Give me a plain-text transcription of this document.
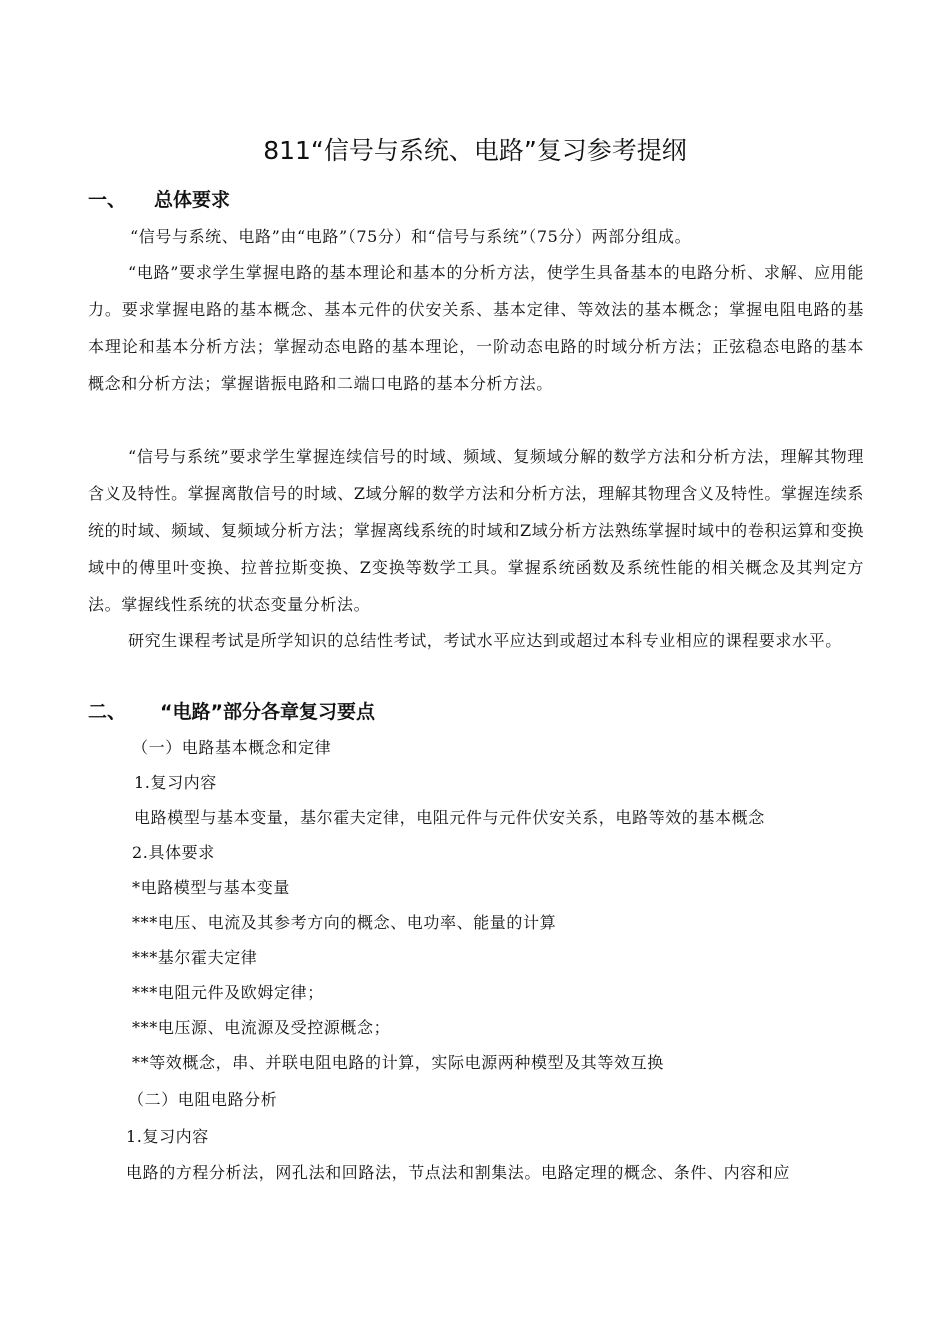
811“信号与系统、电路”复习参考提纲
一、 总体要求
“信号与系统、电路”由“电路”（75分）和“信号与系统”（75分）两部分组成。
“电路”要求学生掌握电路的基本理论和基本的分析方法，使学生具备基本的电路分析、求解、应用能力。要求掌握电路的基本概念、基本元件的伏安关系、基本定律、等效法的基本概念；掌握电阻电路的基本理论和基本分析方法；掌握动态电路的基本理论，一阶动态电路的时域分析方法；正弦稳态电路的基本概念和分析方法；掌握谐振电路和二端口电路的基本分析方法。
“信号与系统”要求学生掌握连续信号的时域、频域、复频域分解的数学方法和分析方法，理解其物理含义及特性。掌握离散信号的时域、Z域分解的数学方法和分析方法，理解其物理含义及特性。掌握连续系统的时域、频域、复频域分析方法；掌握离线系统的时域和Z域分析方法熟练掌握时域中的卷积运算和变换域中的傅里叶变换、拉普拉斯变换、Z变换等数学工具。掌握系统函数及系统性能的相关概念及其判定方法。掌握线性系统的状态变量分析法。
研究生课程考试是所学知识的总结性考试，考试水平应达到或超过本科专业相应的课程要求水平。
二、 “电路”部分各章复习要点
（一）电路基本概念和定律
1.复习内容
电路模型与基本变量，基尔霍夫定律，电阻元件与元件伏安关系，电路等效的基本概念
2.具体要求
*电路模型与基本变量
***电压、电流及其参考方向的概念、电功率、能量的计算
***基尔霍夫定律
***电阻元件及欧姆定律；
***电压源、电流源及受控源概念；
**等效概念，串、并联电阻电路的计算，实际电源两种模型及其等效互换
（二）电阻电路分析
1.复习内容
电路的方程分析法，网孔法和回路法，节点法和割集法。电路定理的概念、条件、内容和应
